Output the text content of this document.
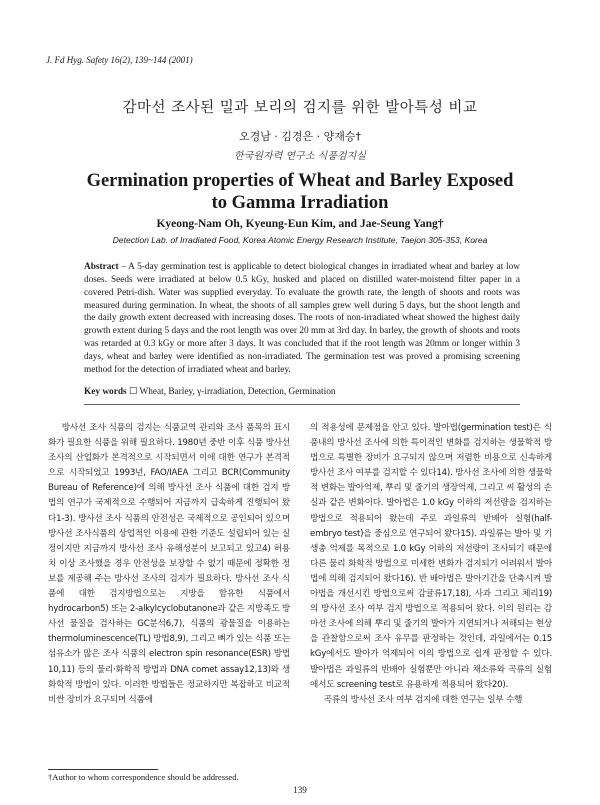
J. Fd Hyg. Safety 16(2), 139~144 (2001)
감마선 조사된 밀과 보리의 검지를 위한 발아특성 비교
오경남 · 김경은 · 양재승†
한국원자력 연구소 식품검지실
Germination properties of Wheat and Barley Exposed
to Gamma Irradiation
Kyeong-Nam Oh, Kyeung-Eun Kim, and Jae-Seung Yang†
Detection Lab. of Irradiated Food, Korea Atomic Energy Research Institute, Taejon 305-353, Korea
Abstract – A 5-day germination test is applicable to detect biological changes in irradiated wheat and barley at low doses. Seeds were irradiated at below 0.5 kGy, husked and placed on distilled water-moistend filter paper in a covered Petri-dish. Water was supplied everyday. To evaluate the growth rate, the length of shoots and roots was measured during germination. In wheat, the shoots of all samples grew well during 5 days, but the shoot length and the daily growth extent decreased with increasing doses. The roots of non-irradiated wheat showed the highest daily growth extent during 5 days and the root length was over 20 mm at 3rd day. In barley, the growth of shoots and roots was retarded at 0.3 kGy or more after 3 days. It was concluded that if the root length was 20mm or longer within 3 days, wheat and barley were identified as non-irradiated. The germination test was proved a promising screening method for the detection of irradiated wheat and barley.
Key words ☐ Wheat, Barley, γ-irradiation, Detection, Germination

방사선 조사 식품의 검지는 식품교역 관리와 조사 품목의 표시화가 필요한 식품을 위해 필요하다. 1980년 중반 이후 식품 방사선 조사의 산업화가 본격적으로 시작되면서 이에 대한 연구가 본격적으로 시작되었고 1993년, FAO/IAEA 그리고 BCR(Community Bureau of Reference)에 의해 방사선 조사 식품에 대한 검지 방법의 연구가 국제적으로 수행되어 지금까지 급속하게 진행되어 왔다1-3). 방사선 조사 식품의 안전성은 국제적으로 공인되어 있으며 방사선 조사식품의 상업적인 이용에 관한 기준도 설립되어 있는 실정이지만 지금까지 방사선 조사 유해성분이 보고되고 있고4) 허용치 이상 조사했을 경우 안전성을 보장할 수 없기 때문에 정확한 정보를 제공해 주는 방사선 조사의 검지가 필요하다. 방사선 조사 식품에 대한 검지방법으로는 지방을 함유한 식품에서 hydrocarbon5) 또는 2-alkylcyclobutanone과 같은 지방족도 방사선 물질을 검사하는 GC분석6,7), 식품의 광물질을 이용하는 thermoluminescence(TL) 방법8,9), 그리고 뼈가 있는 식품 또는 섬유소가 많은 조사 식품의 electron spin resonance(ESR) 방법10,11) 등의 물리·화학적 방법과 DNA comet assay12,13)와 생화학적 방법이 있다. 이러한 방법들은 정교하지만 복잡하고 비교적 비싼 장비가 요구되며 식품에

의 적용성에 문제점을 안고 있다. 발아법(germination test)은 식품내의 방사선 조사에 의한 특이적인 변화를 검지하는 생물학적 방법으로 특별한 장비가 요구되지 않으며 저렴한 비용으로 신속하게 방사선 조사 여부를 검지할 수 있다14). 방사선 조사에 의한 생물학적 변화는 발아억제, 뿌리 및 줄기의 생장억제, 그리고 씨 활성의 손실과 같은 변화이다. 발아법은 1.0 kGy 이하의 저선량을 검지하는 방법으로 적용되어 왔는데 주로 과일류의 반배아 실험(half-embryo test)을 중심으로 연구되어 왔다15). 과일류는 발아 및 기생충 억제를 목적으로 1.0 kGy 이하의 저선량이 조사되기 때문에 다른 물리 화학적 방법으로 미세한 변화가 검지되기 어려워서 발아법에 의해 검지되어 왔다16). 반 배아법은 발아기간을 단축시켜 발아법을 개선시킨 방법으로써 감귤류17,18), 사과 그리고 체리19)의 방사선 조사 여부 검지 방법으로 적용되어 왔다. 이의 원리는 감마선 조사에 의해 뿌리 및 줄기의 발아가 지연되거나 저해되는 현상을 관찰함으로써 조사 유무를 판정하는 것인데, 과일에서는 0.15 kGy에서도 발아가 억제되어 이의 방법으로 쉽게 판정할 수 있다. 발아법은 과일류의 반배아 실험뿐만 아니라 채소류와 곡류의 실험에서도 screening test로 유용하게 적용되어 왔다20).

곡류의 방사선 조사 여부 검지에 대한 연구는 일부 수행

†Author to whom correspondence should be addressed.
139
